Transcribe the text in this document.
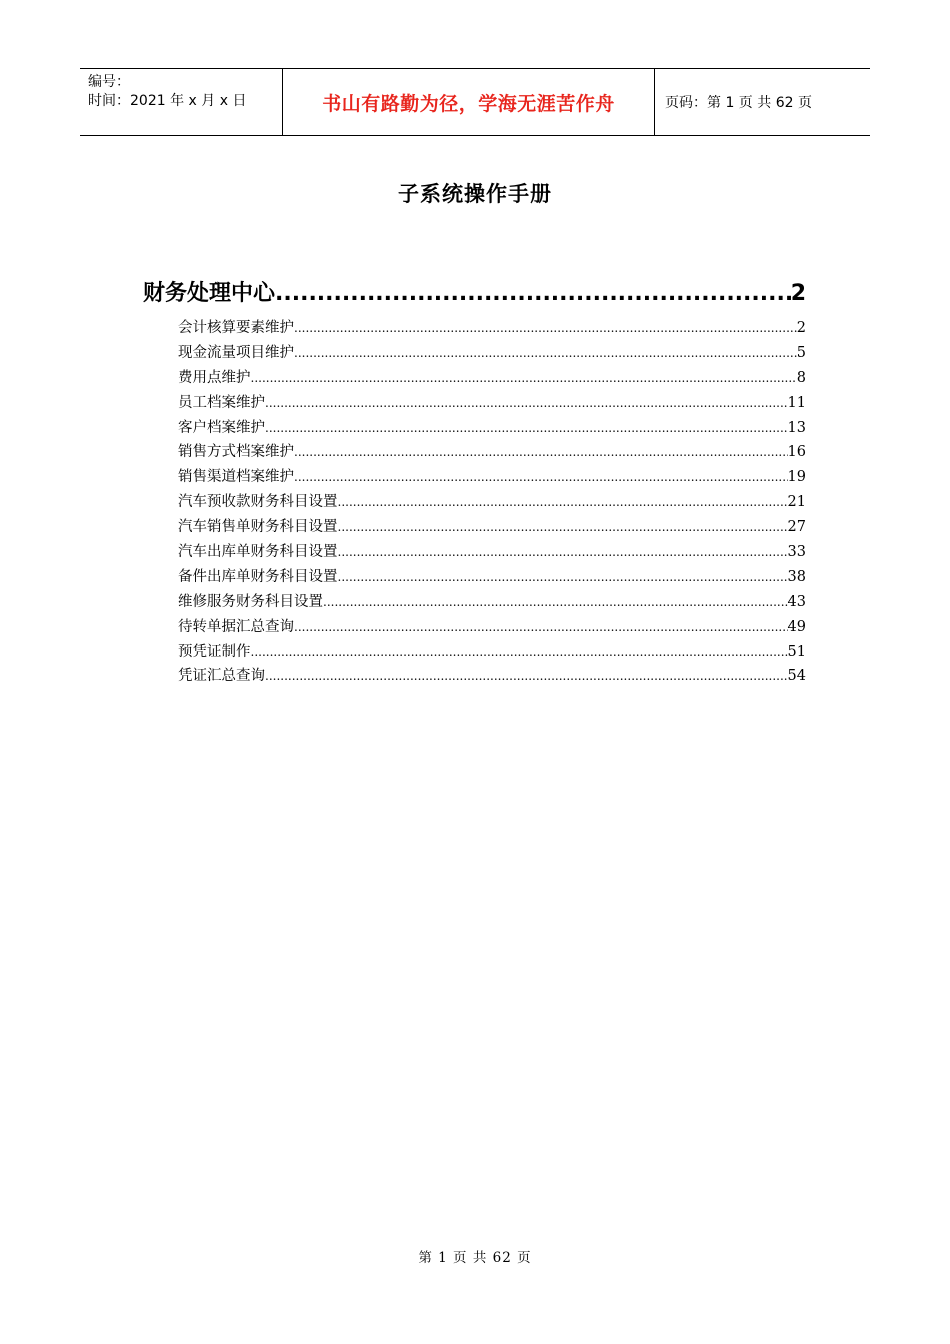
编号：
时间：2021 年 x 月 x 日	书山有路勤为径，学海无涯苦作舟	页码：第 1 页 共 62 页
子系统操作手册
财务处理中心 .....	2
会计核算要素维护 .....	2
现金流量项目维护 .....	5
费用点维护 .....	8
员工档案维护 .....	11
客户档案维护 .....	13
销售方式档案维护 .....	16
销售渠道档案维护 .....	19
汽车预收款财务科目设置 .....	21
汽车销售单财务科目设置 .....	27
汽车出库单财务科目设置 .....	33
备件出库单财务科目设置 .....	38
维修服务财务科目设置 .....	43
待转单据汇总查询 .....	49
预凭证制作 .....	51
凭证汇总查询 .....	54
第 1 页 共 62 页
